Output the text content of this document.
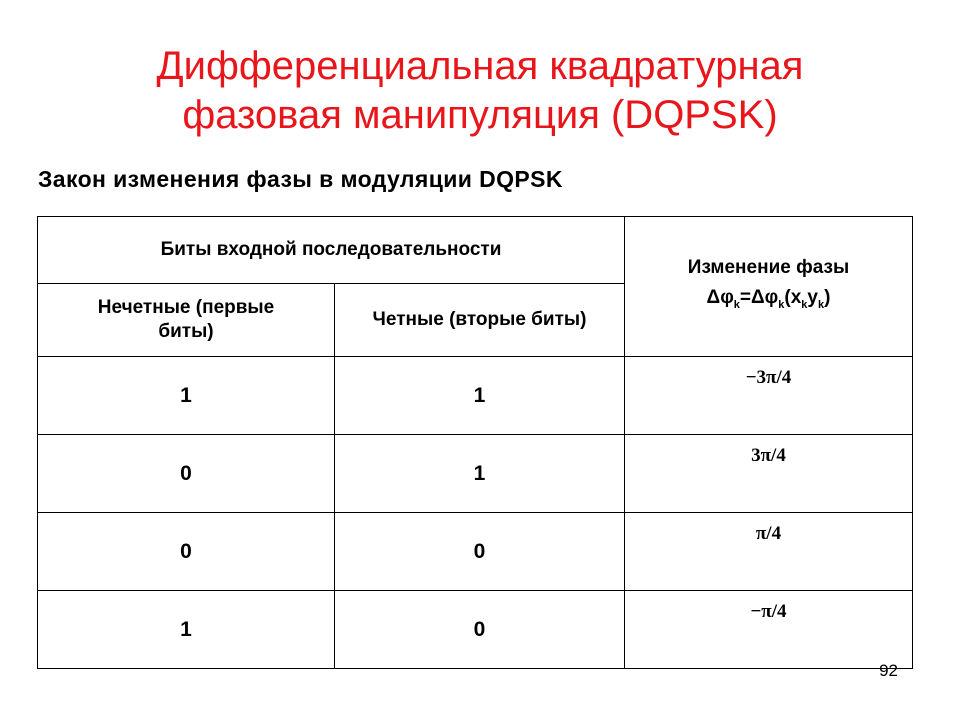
Дифференциальная квадратурная
фазовая манипуляция (DQPSK)
Закон изменения фазы в модуляции DQPSK
Биты входной последовательности		Изменение фазы
$\Delta\varphi_k=\Delta\varphi_k(x_ky_k)$

Нечетные (первые
биты)	Четные (вторые биты)	
1	1	−3π/4
0	1	3π/4
0	0	π/4
1	0	−π/4
92
